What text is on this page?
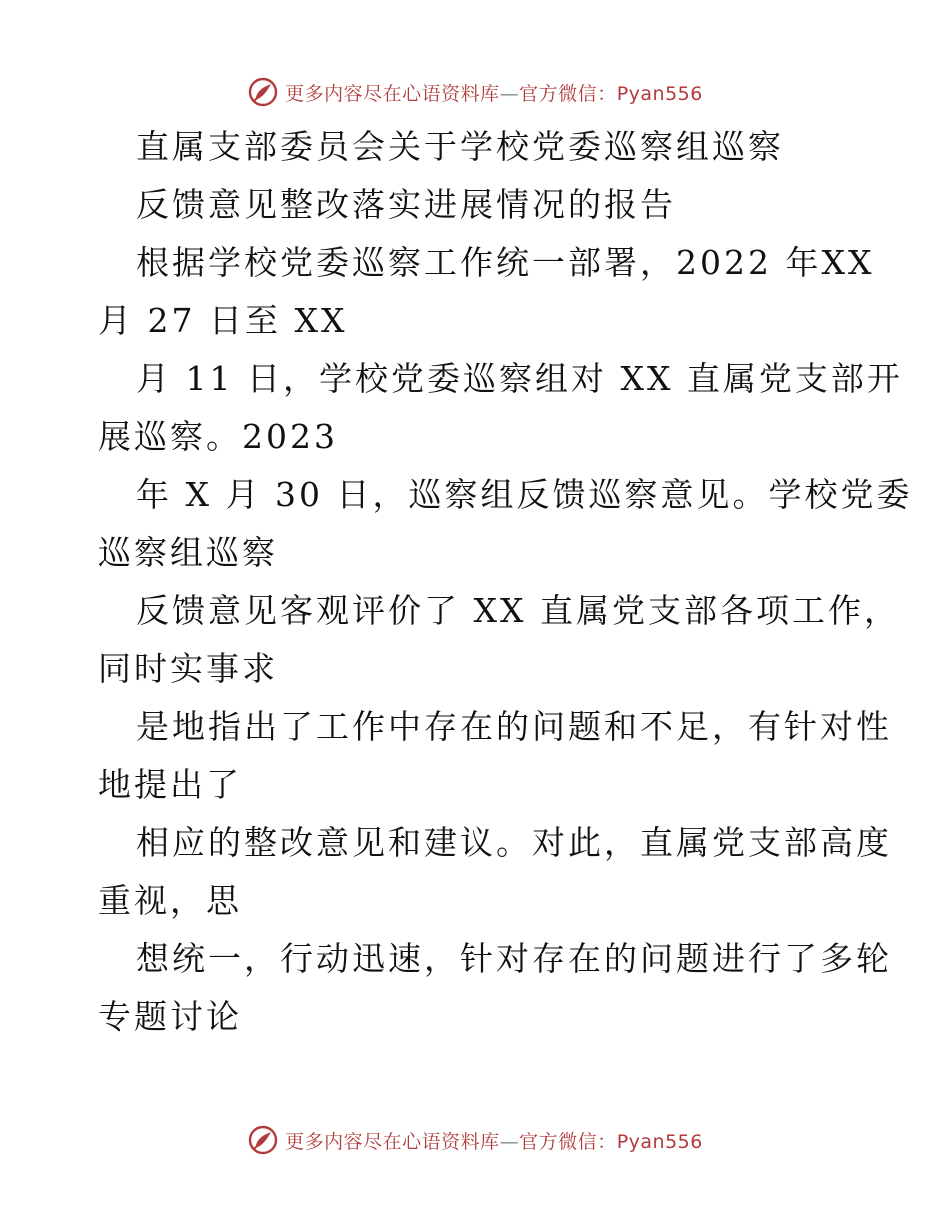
更多内容尽在心语资料库—官方微信：Pyan556
直属支部委员会关于学校党委巡察组巡察
反馈意见整改落实进展情况的报告
根据学校党委巡察工作统一部署，2022 年XX
月 27 日至 XX
月 11 日，学校党委巡察组对 XX 直属党支部开
展巡察。2023
年 X 月 30 日，巡察组反馈巡察意见。学校党委
巡察组巡察
反馈意见客观评价了 XX 直属党支部各项工作，
同时实事求
是地指出了工作中存在的问题和不足，有针对性
地提出了
相应的整改意见和建议。对此，直属党支部高度
重视，思
想统一，行动迅速，针对存在的问题进行了多轮
专题讨论
更多内容尽在心语资料库—官方微信：Pyan556
